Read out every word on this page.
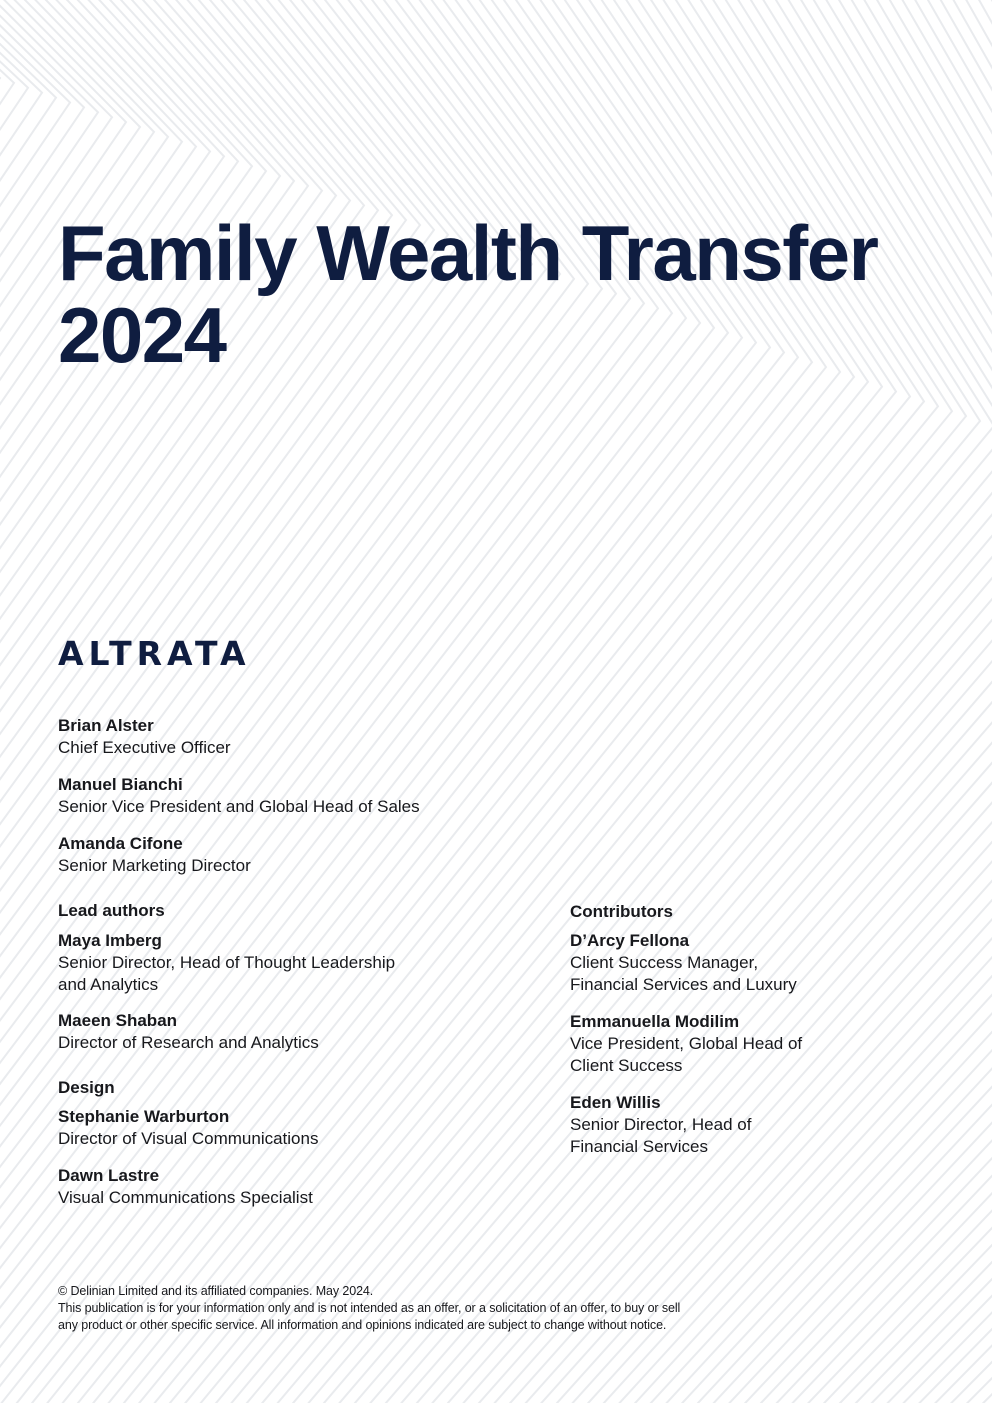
Family Wealth Transfer
2024
ALTRATA
Brian Alster
Chief Executive Officer
Manuel Bianchi
Senior Vice President and Global Head of Sales
Amanda Cifone
Senior Marketing Director
Lead authors
Maya Imberg
Senior Director, Head of Thought Leadership
and Analytics
Maeen Shaban
Director of Research and Analytics
Design
Stephanie Warburton
Director of Visual Communications
Dawn Lastre
Visual Communications Specialist
Contributors
D’Arcy Fellona
Client Success Manager,
Financial Services and Luxury
Emmanuella Modilim
Vice President, Global Head of
Client Success
Eden Willis
Senior Director, Head of
Financial Services
© Delinian Limited and its affiliated companies. May 2024.
This publication is for your information only and is not intended as an offer, or a solicitation of an offer, to buy or sell
any product or other specific service. All information and opinions indicated are subject to change without notice.
